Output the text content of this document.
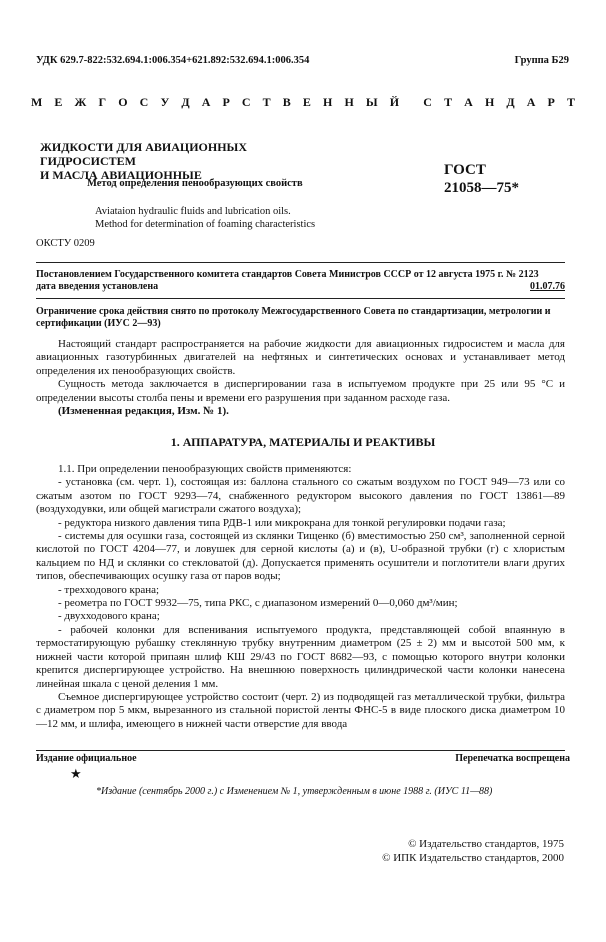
УДК 629.7-822:532.694.1:006.354+621.892:532.694.1:006.354	Группа Б29
М Е Ж Г О С У Д А Р С Т В Е Н Н Ы Й С Т А Н Д А Р Т
ЖИДКОСТИ ДЛЯ АВИАЦИОННЫХ ГИДРОСИСТЕМ
И МАСЛА АВИАЦИОННЫЕ
Метод определения пенообразующих свойств
ГОСТ
21058—75*
Aviataion hydraulic fluids and lubrication oils.
Method for determination of foaming characteristics
ОКСТУ 0209
Постановлением Государственного комитета стандартов Совета Министров СССР от 12 августа 1975 г. № 2123
дата введения установлена	01.07.76
Ограничение срока действия снято по протоколу Межгосударственного Совета по стандартизации, метрологии и сертификации (ИУС 2—93)

Настоящий стандарт распространяется на рабочие жидкости для авиационных гидросистем и масла для авиационных газотурбинных двигателей на нефтяных и синтетических основах и устанавливает метод определения их пенообразующих свойств.

Сущность метода заключается в диспергировании газа в испытуемом продукте при 25 или 95 °С и определении высоты столба пены и времени его разрушения при заданном расходе газа.

(Измененная редакция, Изм. № 1).

1. АППАРАТУРА, МАТЕРИАЛЫ И РЕАКТИВЫ

1.1. При определении пенообразующих свойств применяются:

- установка (см. черт. 1), состоящая из: баллона стального со сжатым воздухом по ГОСТ 949—73 или со сжатым азотом по ГОСТ 9293—74, снабженного редуктором высокого давления по ГОСТ 13861—89 (воздуходувки, или общей магистрали сжатого воздуха);

- редуктора низкого давления типа РДВ-1 или микрокрана для тонкой регулировки подачи газа;

- системы для осушки газа, состоящей из склянки Тищенко (б) вместимостью 250 см³, заполненной серной кислотой по ГОСТ 4204—77, и ловушек для серной кислоты (а) и (в), U-образной трубки (г) с хлористым кальцием по НД и склянки со стекловатой (д). Допускается применять осушители и поглотители влаги других типов, обеспечивающих осушку газа от паров воды;

- трехходового крана;

- реометра по ГОСТ 9932—75, типа РКС, с диапазоном измерений 0—0,060 дм³/мин;

- двухходового крана;

- рабочей колонки для вспенивания испытуемого продукта, представляющей собой впаянную в термостатирующую рубашку стеклянную трубку внутренним диаметром (25 ± 2) мм и высотой 500 мм, к нижней части которой припаян шлиф КШ 29/43 по ГОСТ 8682—93, с помощью которого внутри колонки крепится диспергирующее устройство. На внешнюю поверхность цилиндрической части колонки нанесена линейная шкала с ценой деления 1 мм.

Съемное диспергирующее устройство состоит (черт. 2) из подводящей газ металлической трубки, фильтра с диаметром пор 5 мкм, вырезанного из стальной пористой ленты ФНС-5 в виде плоского диска диаметром 10—12 мм, и шлифа, имеющего в нижней части отверстие для ввода

Издание официальное	Перепечатка воспрещена
★
*Издание (сентябрь 2000 г.) с Изменением № 1, утвержденным в июне 1988 г. (ИУС 11—88)
© Издательство стандартов, 1975
© ИПК Издательство стандартов, 2000
